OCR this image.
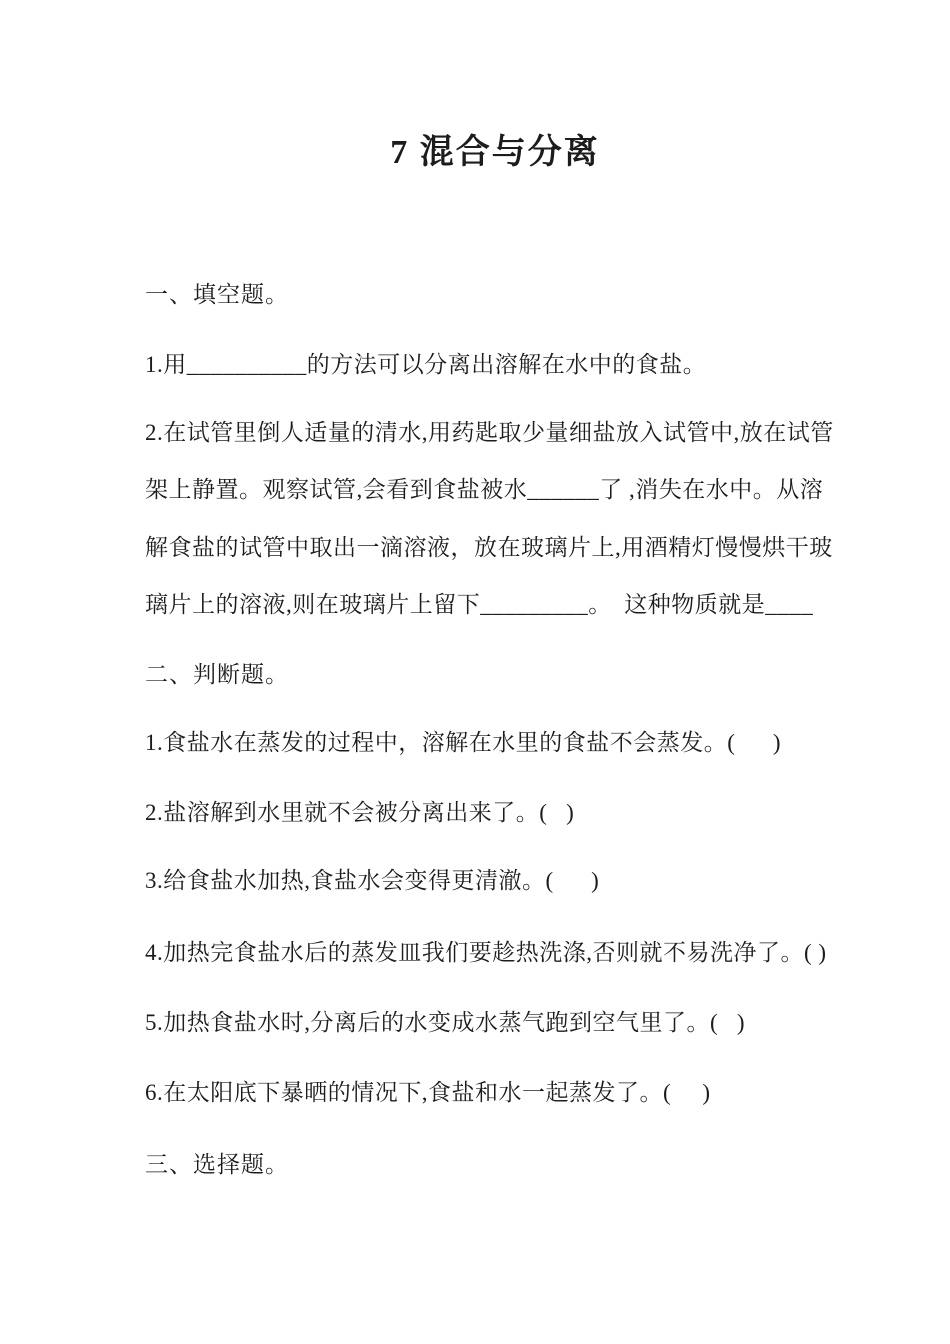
7 混合与分离
一、填空题。
1.用__________的方法可以分离出溶解在水中的食盐。
2.在试管里倒人适量的清水,用药匙取少量细盐放入试管中,放在试管
架上静置。观察试管,会看到食盐被水______了 ,消失在水中。从溶
解食盐的试管中取出一滴溶液，放在玻璃片上,用酒精灯慢慢烘干玻
璃片上的溶液,则在玻璃片上留下_________。  这种物质就是____
二、判断题。
1.食盐水在蒸发的过程中，溶解在水里的食盐不会蒸发。(      )
2.盐溶解到水里就不会被分离出来了。(   )
3.给食盐水加热,食盐水会变得更清澈。(      )
4.加热完食盐水后的蒸发皿我们要趁热洗涤,否则就不易洗净了。( )
5.加热食盐水时,分离后的水变成水蒸气跑到空气里了。(   )
6.在太阳底下暴晒的情况下,食盐和水一起蒸发了。(     )
三、选择题。
